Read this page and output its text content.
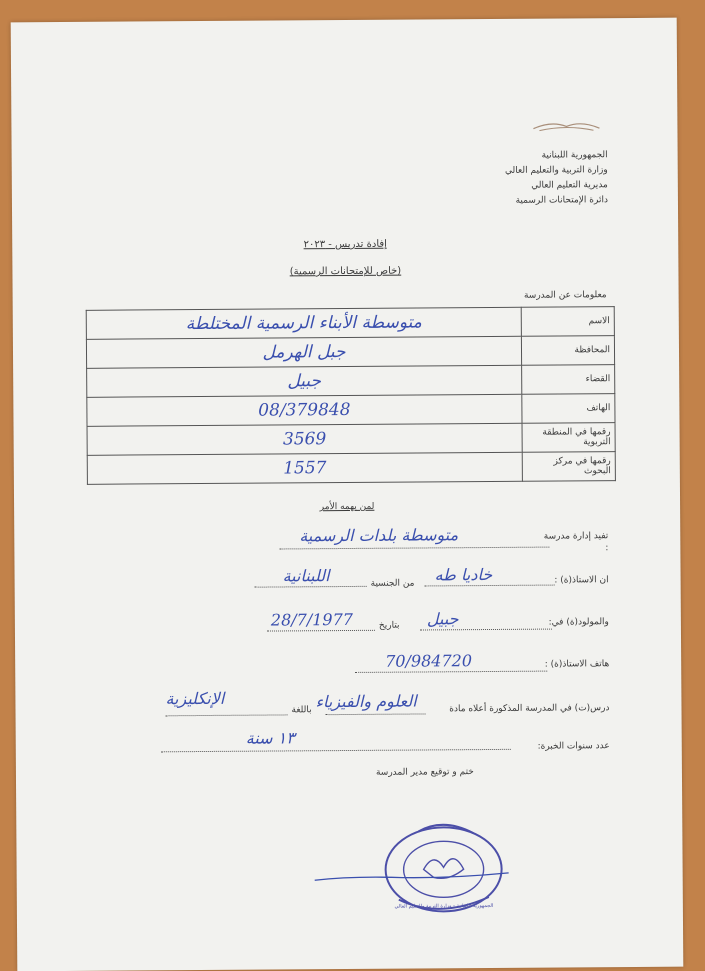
الجمهورية اللبنانية
وزارة التربية والتعليم العالي
مديرية التعليم العالي
دائرة الإمتحانات الرسمية
إفادة تدريس - ٢٠٢٣
(خاص للإمتحانات الرسمية)
معلومات عن المدرسة
الاسم	متوسطة الأبناء الرسمية المختلطة
المحافظة	جبل الهرمل
القضاء	جبيل
الهاتف	08/379848
رقمها في المنطقة التربوية	3569
رقمها في مركز البحوث	1557
لمن يهمه الأمر
تفيد إدارة مدرسة :
متوسطة بلدات الرسمية
ان الاستاذ(ة) :
خاديا طه
من الجنسية
اللبنانية
والمولود(ة) في:
جبيل
بتاريخ
28/7/1977
هاتف الاستاذ(ة) :
70/984720
درس(ت) في المدرسة المذكورة أعلاه مادة
العلوم والفيزياء
باللغة
الإنكليزية
عدد سنوات الخبرة:
١٣ سنة
ختم و توقيع مدير المدرسة
الجمهورية اللبنانية - وزارة التربية والتعليم العالي
